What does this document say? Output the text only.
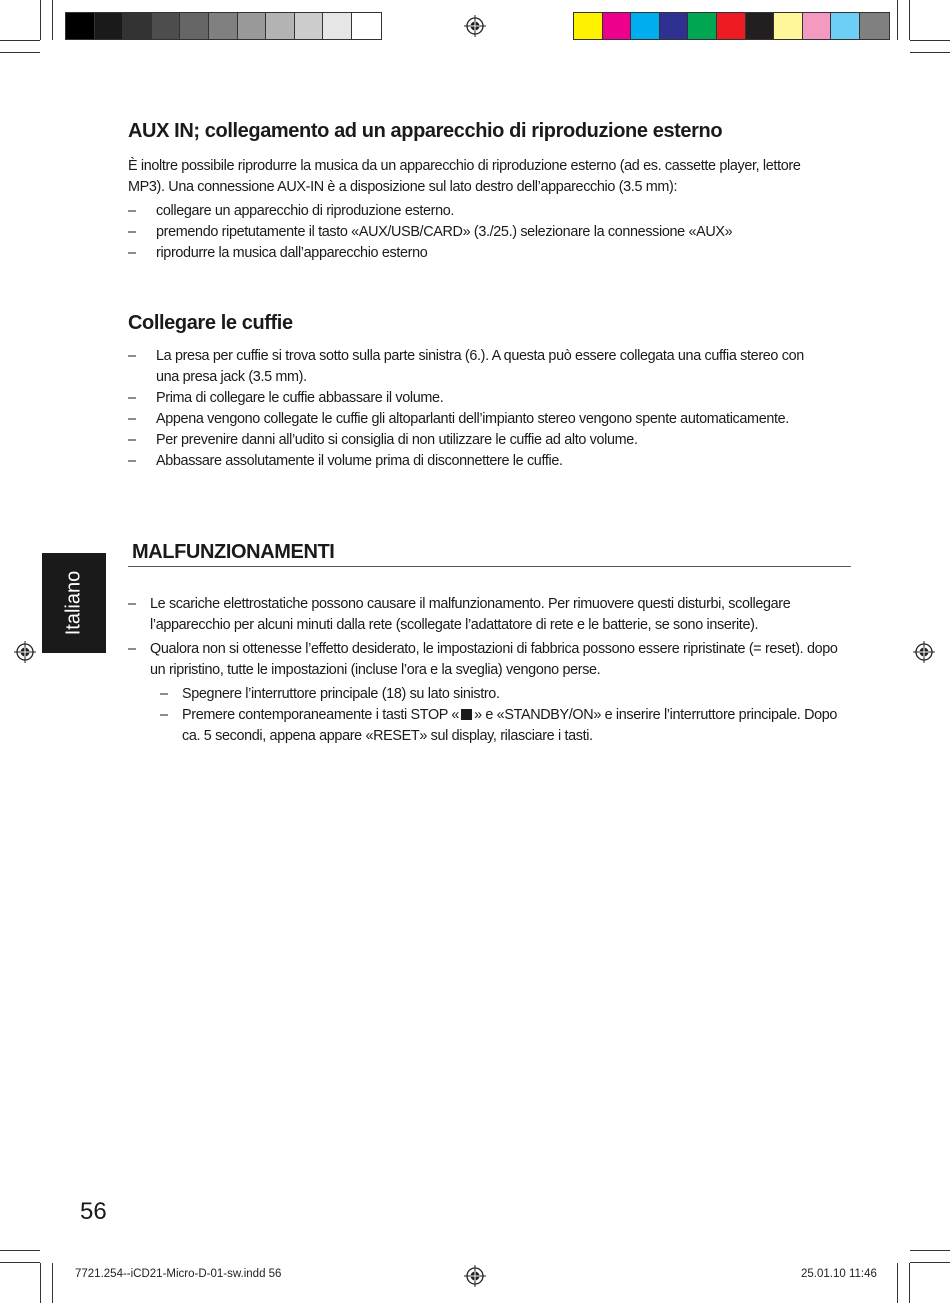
AUX IN; collegamento ad un apparecchio di riproduzione esterno
È inoltre possibile riprodurre la musica da un apparecchio di riproduzione esterno (ad es. cassette player, lettore
MP3). Una connessione AUX-IN è a disposizione sul lato destro dell’apparecchio (3.5 mm):
– collegare un apparecchio di riproduzione esterno.
– premendo ripetutamente il tasto «AUX/USB/CARD» (3./25.) selezionare la connessione «AUX»
– riprodurre la musica dall’apparecchio esterno
Collegare le cuffie
– La presa per cuffie si trova sotto sulla parte sinistra (6.). A questa può essere collegata una cuffia stereo con una presa jack (3.5 mm).
– Prima di collegare le cuffie abbassare il volume.
– Appena vengono collegate le cuffie gli altoparlanti dell’impianto stereo vengono spente automaticamente.
– Per prevenire danni all’udito si consiglia di non utilizzare le cuffie ad alto volume.
– Abbassare assolutamente il volume prima di disconnettere le cuffie.
Italiano
MALFUNZIONAMENTI
– Le scariche elettrostatiche possono causare il malfunzionamento. Per rimuovere questi disturbi, scollegare l’apparecchio per alcuni minuti dalla rete (scollegate l’adattatore di rete e le batterie, se sono inserite).
– Qualora non si ottenesse l’effetto desiderato, le impostazioni di fabbrica possono essere ripristinate (= reset). dopo un ripristino, tutte le impostazioni (incluse l’ora e la sveglia) vengono perse.
– Spegnere l’interruttore principale (18) su lato sinistro.
– Premere contemporaneamente i tasti STOP « » e «STANDBY/ON» e inserire l’interruttore principale. Dopo ca. 5 secondi, appena appare «RESET» sul display, rilasciare i tasti.
56
7721.254--iCD21-Micro-D-01-sw.indd 56	25.01.10 11:46
